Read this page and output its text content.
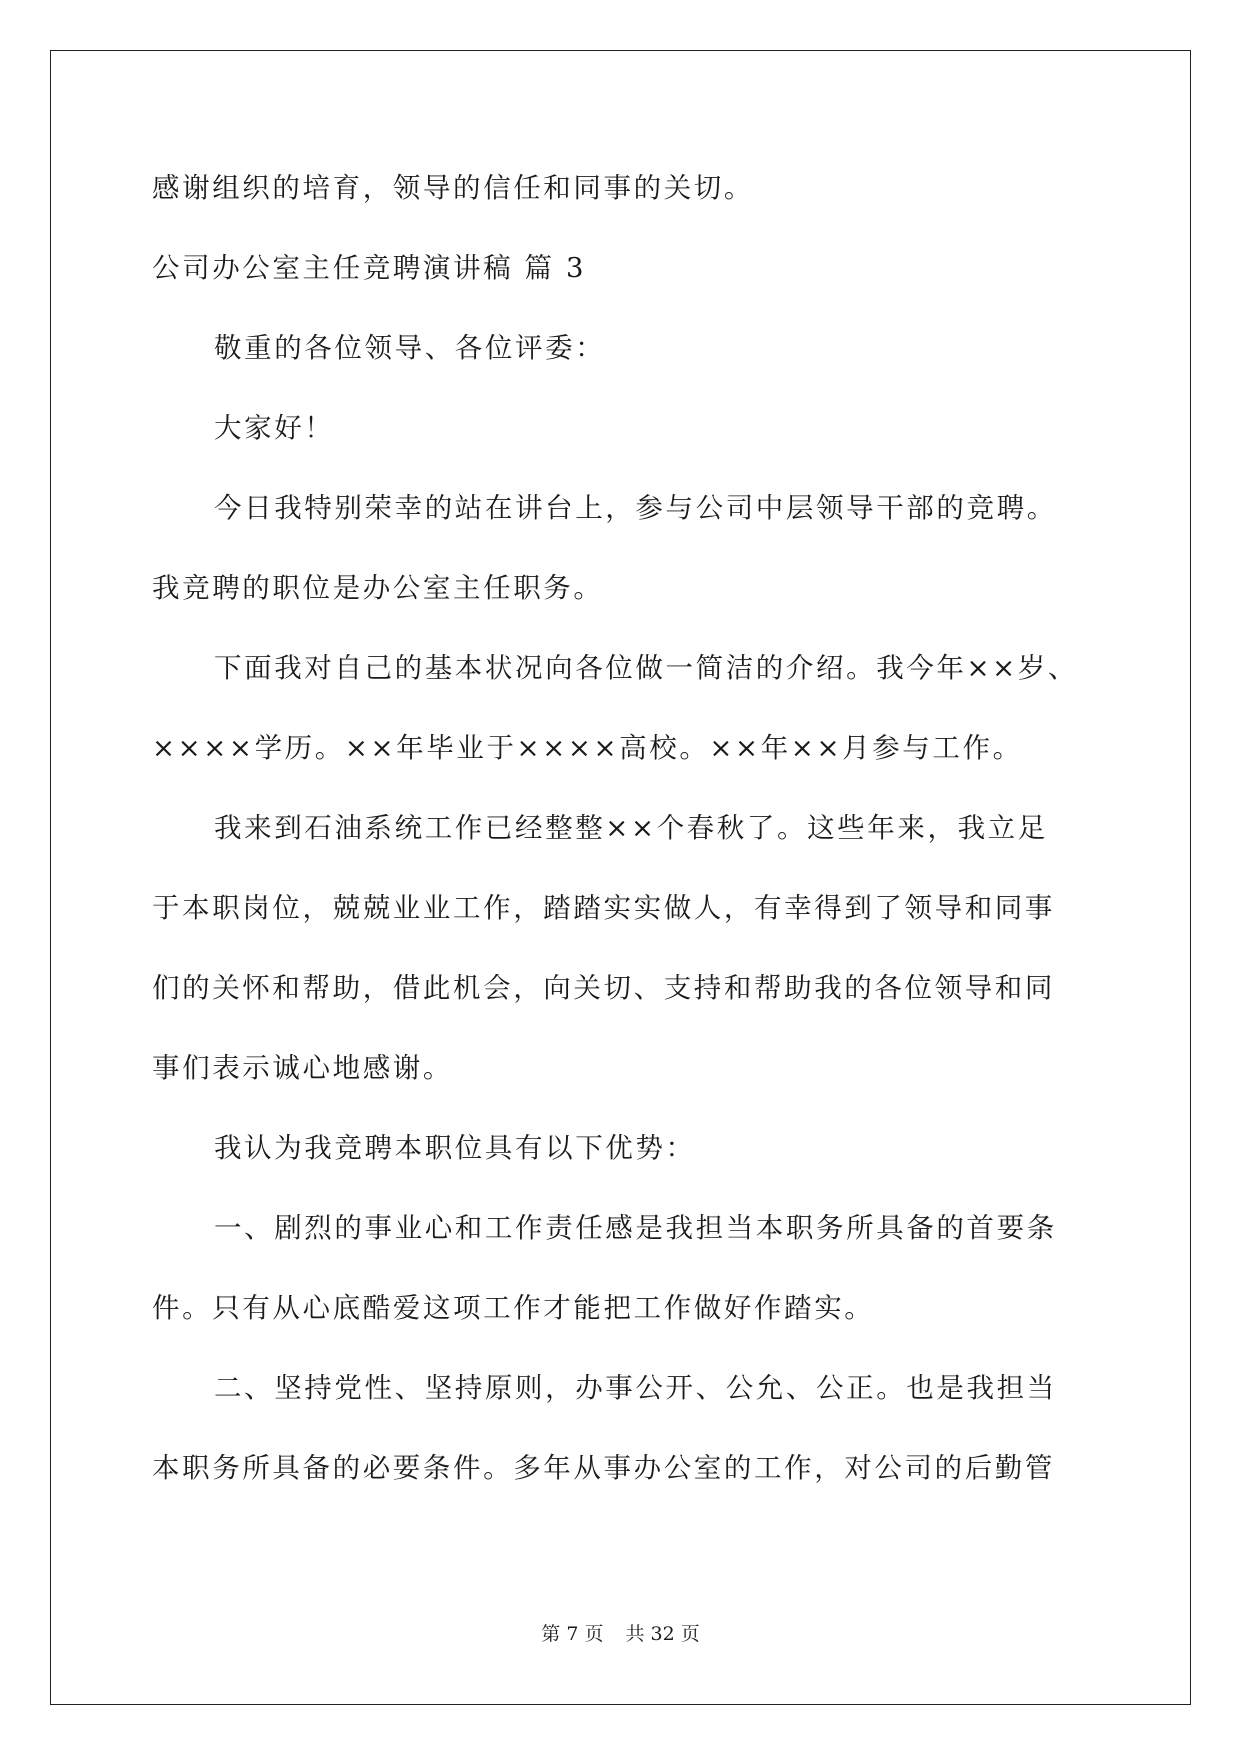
感谢组织的培育，领导的信任和同事的关切。
公司办公室主任竞聘演讲稿 篇 3
敬重的各位领导、各位评委：
大家好！
今日我特别荣幸的站在讲台上，参与公司中层领导干部的竞聘。
我竞聘的职位是办公室主任职务。
下面我对自己的基本状况向各位做一简洁的介绍。我今年××岁、
××××学历。××年毕业于××××高校。××年××月参与工作。
我来到石油系统工作已经整整××个春秋了。这些年来，我立足
于本职岗位，兢兢业业工作，踏踏实实做人，有幸得到了领导和同事
们的关怀和帮助，借此机会，向关切、支持和帮助我的各位领导和同
事们表示诚心地感谢。
我认为我竞聘本职位具有以下优势：
一、剧烈的事业心和工作责任感是我担当本职务所具备的首要条
件。只有从心底酷爱这项工作才能把工作做好作踏实。
二、坚持党性、坚持原则，办事公开、公允、公正。也是我担当
本职务所具备的必要条件。多年从事办公室的工作，对公司的后勤管
第 7 页 共 32 页
